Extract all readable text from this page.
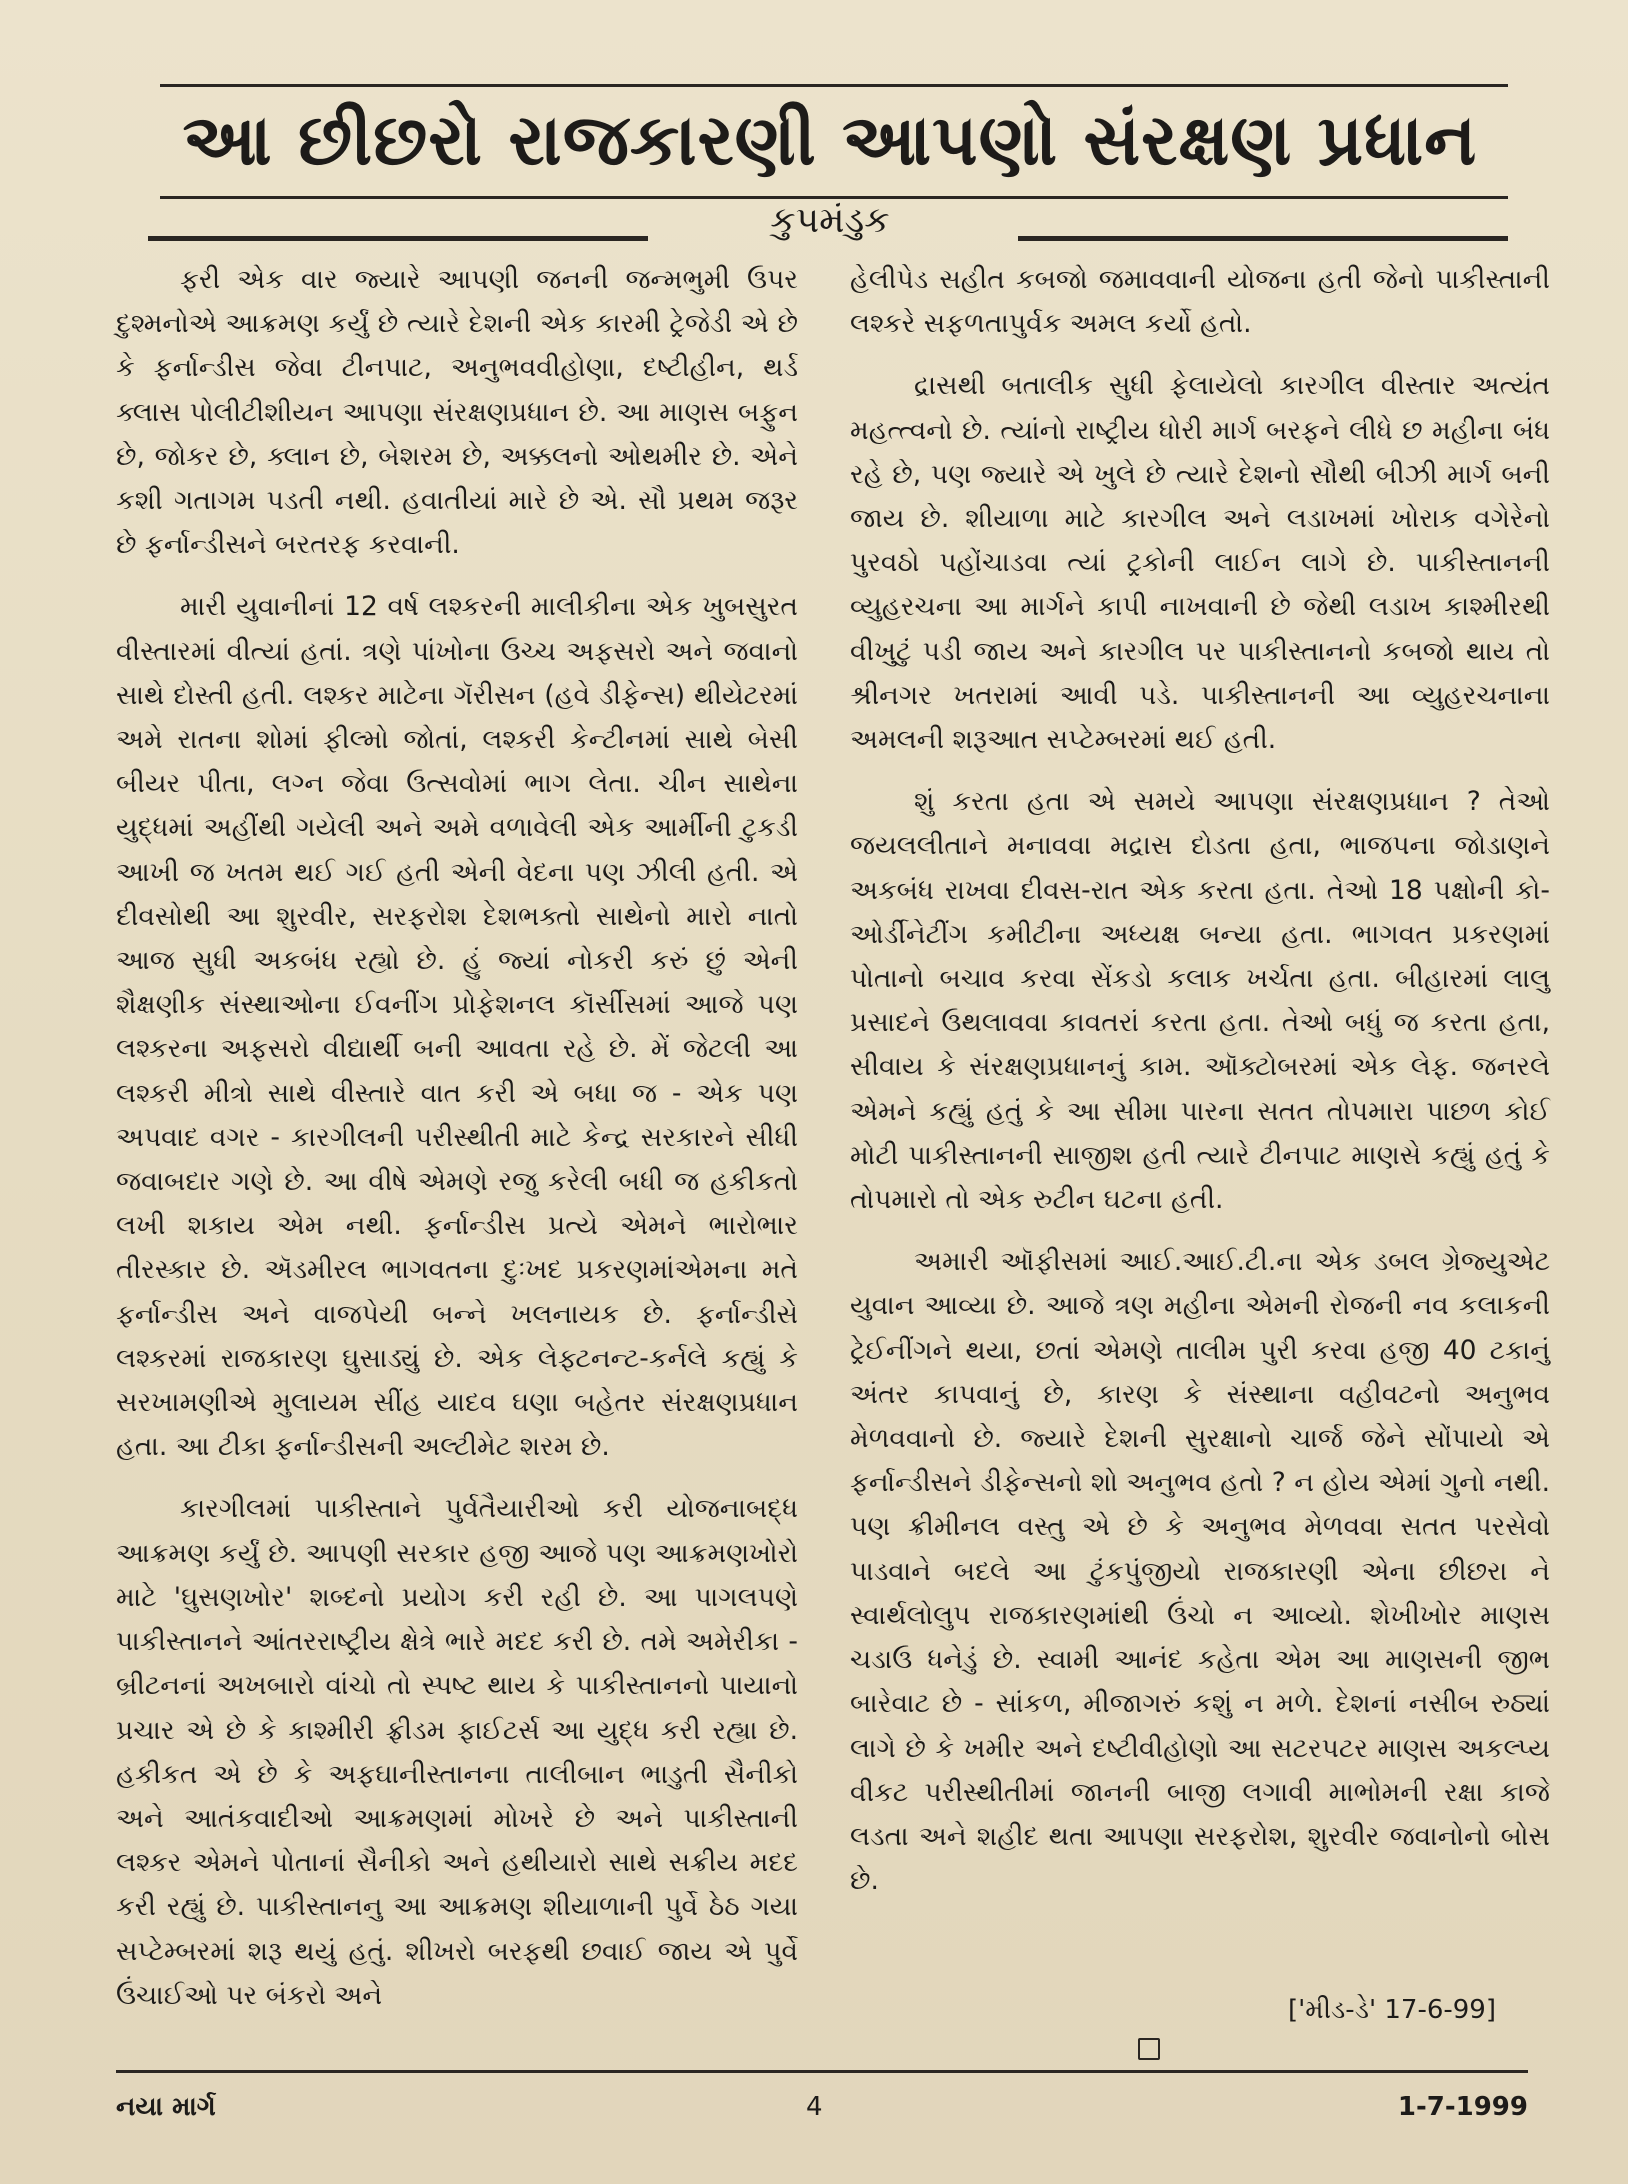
આ છીછરો રાજકારણી આપણો સંરક્ષણ પ્રધાન
કુપમંડુક

ફરી એક વાર જ્યારે આપણી જનની જન્મભુમી ઉપર દુશ્મનોએ આક્રમણ કર્યું છે ત્યારે દેશની એક કારમી ટ્રેજેડી એ છે કે ફર્નાન્ડીસ જેવા ટીનપાટ, અનુભવવીહોણા, દષ્ટીહીન, થર્ડ ક્લાસ પોલીટીશીયન આપણા સંરક્ષણપ્રધાન છે. આ માણસ બફુન છે, જોકર છે, ક્લાન છે, બેશરમ છે, અક્કલનો ઓથમીર છે. એને કશી ગતાગમ પડતી નથી. હવાતીયાં મારે છે એ. સૌ પ્રથમ જરૂર છે ફર્નાન્ડીસને બરતરફ કરવાની.

મારી યુવાનીનાં 12 વર્ષ લશ્કરની માલીકીના એક ખુબસુરત વીસ્તારમાં વીત્યાં હતાં. ત્રણે પાંખોના ઉચ્ચ અફસરો અને જવાનો સાથે દોસ્તી હતી. લશ્કર માટેના ગૅરીસન (હવે ડીફેન્સ) થીયેટરમાં અમે રાતના શોમાં ફીલ્મો જોતાં, લશ્કરી કેન્ટીનમાં સાથે બેસી બીયર પીતા, લગ્ન જેવા ઉત્સવોમાં ભાગ લેતા. ચીન સાથેના યુદ્ધમાં અહીંથી ગયેલી અને અમે વળાવેલી એક આર્મીની ટુકડી આખી જ ખતમ થઈ ગઈ હતી એની વેદના પણ ઝીલી હતી. એ દીવસોથી આ શુરવીર, સરફરોશ દેશભક્તો સાથેનો મારો નાતો આજ સુધી અકબંધ રહ્યો છે. હું જ્યાં નોકરી કરું છું એની શૈક્ષણીક સંસ્થાઓના ઈવનીંગ પ્રોફેશનલ કૉર્સીસમાં આજે પણ લશ્કરના અફસરો વીદ્યાર્થી બની આવતા રહે છે. મેં જેટલી આ લશ્કરી મીત્રો સાથે વીસ્તારે વાત કરી એ બધા જ - એક પણ અપવાદ વગર - કારગીલની પરીસ્થીતી માટે કેન્દ્ર સરકારને સીધી જવાબદાર ગણે છે. આ વીષે એમણે રજુ કરેલી બધી જ હકીકતો લખી શકાય એમ નથી. ફર્નાન્ડીસ પ્રત્યે એમને ભારોભાર તીરસ્કાર છે. ઍડમીરલ ભાગવતના દુઃખદ પ્રકરણમાંએમના મતે ફર્નાન્ડીસ અને વાજપેયી બન્ને ખલનાયક છે. ફર્નાન્ડીસે લશ્કરમાં રાજકારણ ઘુસાડ્યું છે. એક લેફ્ટનન્ટ-કર્નલે કહ્યું કે સરખામણીએ મુલાયમ સીંહ યાદવ ઘણા બહેતર સંરક્ષણપ્રધાન હતા. આ ટીકા ફર્નાન્ડીસની અલ્ટીમેટ શરમ છે.

કારગીલમાં પાકીસ્તાને પુર્વતૈયારીઓ કરી યોજનાબદ્ધ આક્રમણ કર્યું છે. આપણી સરકાર હજી આજે પણ આક્રમણખોરો માટે 'ઘુસણખોર' શબ્દનો પ્રયોગ કરી રહી છે. આ પાગલપણે પાકીસ્તાનને આંતરરાષ્ટ્રીય ક્ષેત્રે ભારે મદદ કરી છે. તમે અમેરીકા - બ્રીટનનાં અખબારો વાંચો તો સ્પષ્ટ થાય કે પાકીસ્તાનનો પાયાનો પ્રચાર એ છે કે કાશ્મીરી ફ્રીડમ ફાઈટર્સ આ યુદ્ધ કરી રહ્યા છે. હકીકત એ છે કે અફઘાનીસ્તાનના તાલીબાન ભાડુતી સૈનીકો અને આતંકવાદીઓ આક્રમણમાં મોખરે છે અને પાકીસ્તાની લશ્કર એમને પોતાનાં સૈનીકો અને હથીયારો સાથે સક્રીય મદદ કરી રહ્યું છે. પાકીસ્તાનનુ આ આક્રમણ શીયાળાની પુર્વે ઠેઠ ગયા સપ્ટેમ્બરમાં શરૂ થયું હતું. શીખરો બરફથી છવાઈ જાય એ પુર્વે ઉંચાઈઓ પર બંકરો અને

હેલીપેડ સહીત કબજો જમાવવાની યોજના હતી જેનો પાકીસ્તાની લશ્કરે સફળતાપુર્વક અમલ કર્યો હતો.

દ્રાસથી બતાલીક સુધી ફેલાયેલો કારગીલ વીસ્તાર અત્યંત મહત્ત્વનો છે. ત્યાંનો રાષ્ટ્રીય ધોરી માર્ગ બરફને લીધે છ મહીના બંધ રહે છે, પણ જ્યારે એ ખુલે છે ત્યારે દેશનો સૌથી બીઝી માર્ગ બની જાય છે. શીયાળા માટે કારગીલ અને લડાખમાં ખોરાક વગેરેનો પુરવઠો પહોંચાડવા ત્યાં ટ્રકોની લાઈન લાગે છે. પાકીસ્તાનની વ્યુહરચના આ માર્ગને કાપી નાખવાની છે જેથી લડાખ કાશ્મીરથી વીખુટું પડી જાય અને કારગીલ પર પાકીસ્તાનનો કબજો થાય તો શ્રીનગર ખતરામાં આવી પડે. પાકીસ્તાનની આ વ્યુહરચનાના અમલની શરૂઆત સપ્ટેમ્બરમાં થઈ હતી.

શું કરતા હતા એ સમયે આપણા સંરક્ષણપ્રધાન ? તેઓ જયલલીતાને મનાવવા મદ્રાસ દોડતા હતા, ભાજપના જોડાણને અકબંધ રાખવા દીવસ-રાત એક કરતા હતા. તેઓ 18 પક્ષોની કો-ઓર્ડીનેટીંગ કમીટીના અધ્યક્ષ બન્યા હતા. ભાગવત પ્રકરણમાં પોતાનો બચાવ કરવા સેંકડો કલાક ખર્ચતા હતા. બીહારમાં લાલુ પ્રસાદને ઉથલાવવા કાવતરાં કરતા હતા. તેઓ બધું જ કરતા હતા, સીવાય કે સંરક્ષણપ્રધાનનું કામ. ઑક્ટોબરમાં એક લેફ. જનરલે એમને કહ્યું હતું કે આ સીમા પારના સતત તોપમારા પાછળ કોઈ મોટી પાકીસ્તાનની સાજીશ હતી ત્યારે ટીનપાટ માણસે કહ્યું હતું કે તોપમારો તો એક રુટીન ઘટના હતી.

અમારી ઑફીસમાં આઈ.આઈ.ટી.ના એક ડબલ ગ્રેજ્યુએટ યુવાન આવ્યા છે. આજે ત્રણ મહીના એમની રોજની નવ કલાકની ટ્રેઈનીંગને થયા, છતાં એમણે તાલીમ પુરી કરવા હજી 40 ટકાનું અંતર કાપવાનું છે, કારણ કે સંસ્થાના વહીવટનો અનુભવ મેળવવાનો છે. જ્યારે દેશની સુરક્ષાનો ચાર્જ જેને સોંપાયો એ ફર્નાન્ડીસને ડીફેન્સનો શો અનુભવ હતો ? ન હોય એમાં ગુનો નથી. પણ ક્રીમીનલ વસ્તુ એ છે કે અનુભવ મેળવવા સતત પરસેવો પાડવાને બદલે આ ટુંકપુંજીયો રાજકારણી એના છીછરા ને સ્વાર્થલોલુપ રાજકારણમાંથી ઉંચો ન આવ્યો. શેખીખોર માણસ ચડાઉ ધનેડું છે. સ્વામી આનંદ કહેતા એમ આ માણસની જીભ બારેવાટ છે - સાંકળ, મીજાગરું કશું ન મળે. દેશનાં નસીબ રુઠ્યાં લાગે છે કે ખમીર અને દષ્ટીવીહોણો આ સટરપટર માણસ અકલ્પ્ય વીકટ પરીસ્થીતીમાં જાનની બાજી લગાવી માભોમની રક્ષા કાજે લડતા અને શહીદ થતા આપણા સરફરોશ, શુરવીર જવાનોનો બોસ છે.

['મીડ-ડે' 17-6-99]
નયા માર્ગ	4	1-7-1999
